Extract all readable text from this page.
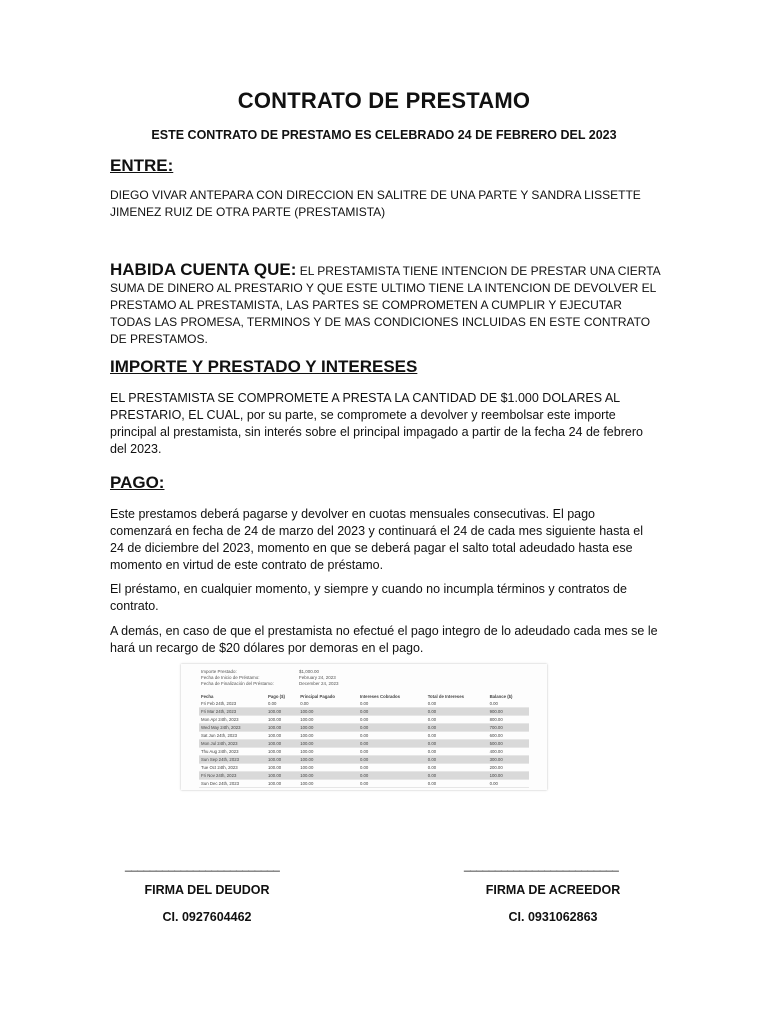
CONTRATO DE PRESTAMO
ESTE CONTRATO DE PRESTAMO ES CELEBRADO 24 DE FEBRERO DEL 2023
ENTRE:
DIEGO VIVAR ANTEPARA CON DIRECCION EN SALITRE DE UNA PARTE Y SANDRA LISSETTE JIMENEZ RUIZ DE OTRA PARTE (PRESTAMISTA)
HABIDA CUENTA QUE: EL PRESTAMISTA TIENE INTENCION DE PRESTAR UNA CIERTA SUMA DE DINERO AL PRESTARIO Y QUE ESTE ULTIMO TIENE LA INTENCION DE DEVOLVER EL PRESTAMO AL PRESTAMISTA, LAS PARTES SE COMPROMETEN A CUMPLIR Y EJECUTAR TODAS LAS PROMESA, TERMINOS Y DE MAS CONDICIONES INCLUIDAS EN ESTE CONTRATO DE PRESTAMOS.
IMPORTE Y PRESTADO Y INTERESES
EL PRESTAMISTA SE COMPROMETE A PRESTA LA CANTIDAD DE $1.000 DOLARES AL PRESTARIO, EL CUAL, por su parte, se compromete a devolver y reembolsar este importe principal al prestamista, sin interés sobre el principal impagado a partir de la fecha 24 de febrero del 2023.
PAGO:
Este prestamos deberá pagarse y devolver en cuotas mensuales consecutivas. El pago comenzará en fecha de 24 de marzo del 2023 y continuará el 24 de cada mes siguiente hasta el 24 de diciembre del 2023, momento en que se deberá pagar el salto total adeudado hasta ese momento en virtud de este contrato de préstamo.
El préstamo, en cualquier momento, y siempre y cuando no incumpla términos y contratos de contrato.
A demás, en caso de que el prestamista no efectué el pago integro de lo adeudado cada mes se le hará un recargo de $20 dólares por demoras en el pago.
Importe Prestado:	$1,000.00
Fecha de Inicio de Préstamo:	February 24, 2023
Fecha de Finalización del Préstamo:	December 24, 2023
Fecha	Pago ($)	Principal Pagado	Intereses Cobrados	Total de Intereses	Balance ($)
Fri Feb 24th, 2023	0.00	0.00	0.00	0.00	0.00
Fri Mar 24th, 2023	100.00	100.00	0.00	0.00	900.00
Mon Apr 24th, 2023	100.00	100.00	0.00	0.00	800.00
Wed May 24th, 2023	100.00	100.00	0.00	0.00	700.00
Sat Jun 24th, 2023	100.00	100.00	0.00	0.00	600.00
Mon Jul 24th, 2023	100.00	100.00	0.00	0.00	500.00
Thu Aug 24th, 2023	100.00	100.00	0.00	0.00	400.00
Sun Sep 24th, 2023	100.00	100.00	0.00	0.00	300.00
Tue Oct 24th, 2023	100.00	100.00	0.00	0.00	200.00
Fri Nov 24th, 2023	100.00	100.00	0.00	0.00	100.00
Sun Dec 24th, 2023	100.00	100.00	0.00	0.00	0.00
_________________________	_________________________
FIRMA DEL DEUDOR
CI. 0927604462
FIRMA DE ACREEDOR
CI. 0931062863
